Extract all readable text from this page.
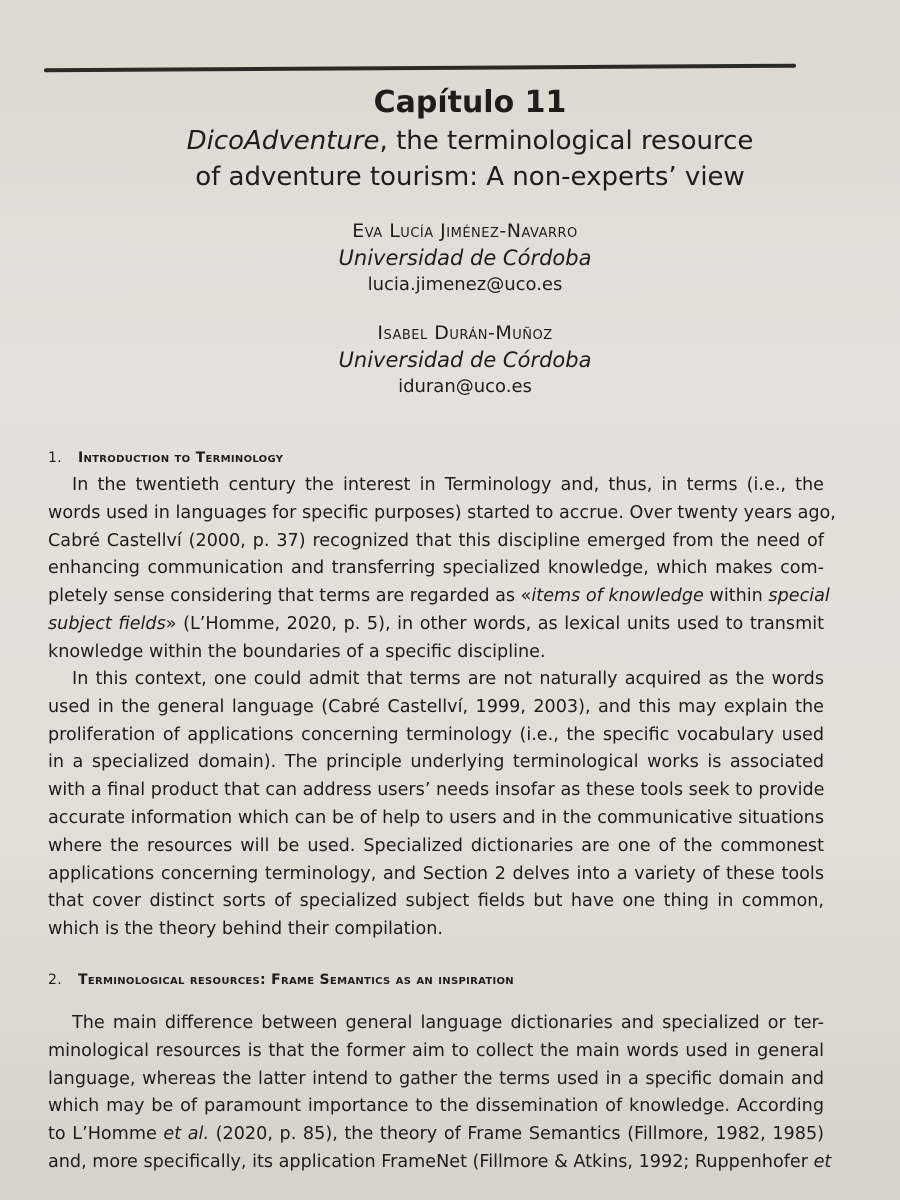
Capítulo 11
DicoAdventure, the terminological resource
of adventure tourism: A non-experts’ view
Eva Lucía Jiménez-Navarro
Universidad de Córdoba
lucia.jimenez@uco.es
Isabel Durán-Muñoz
Universidad de Córdoba
iduran@uco.es
1. Introduction to Terminology
In the twentieth century the interest in Terminology and, thus, in terms (i.e., the
words used in languages for specific purposes) started to accrue. Over twenty years ago,
Cabré Castellví (2000, p. 37) recognized that this discipline emerged from the need of
enhancing communication and transferring specialized knowledge, which makes com-
pletely sense considering that terms are regarded as «items of knowledge within special
subject fields» (L’Homme, 2020, p. 5), in other words, as lexical units used to transmit
knowledge within the boundaries of a specific discipline.
In this context, one could admit that terms are not naturally acquired as the words
used in the general language (Cabré Castellví, 1999, 2003), and this may explain the
proliferation of applications concerning terminology (i.e., the specific vocabulary used
in a specialized domain). The principle underlying terminological works is associated
with a final product that can address users’ needs insofar as these tools seek to provide
accurate information which can be of help to users and in the communicative situations
where the resources will be used. Specialized dictionaries are one of the commonest
applications concerning terminology, and Section 2 delves into a variety of these tools
that cover distinct sorts of specialized subject fields but have one thing in common,
which is the theory behind their compilation.
2. Terminological resources: Frame Semantics as an inspiration
The main difference between general language dictionaries and specialized or ter-
minological resources is that the former aim to collect the main words used in general
language, whereas the latter intend to gather the terms used in a specific domain and
which may be of paramount importance to the dissemination of knowledge. According
to L’Homme et al. (2020, p. 85), the theory of Frame Semantics (Fillmore, 1982, 1985)
and, more specifically, its application FrameNet (Fillmore & Atkins, 1992; Ruppenhofer et
